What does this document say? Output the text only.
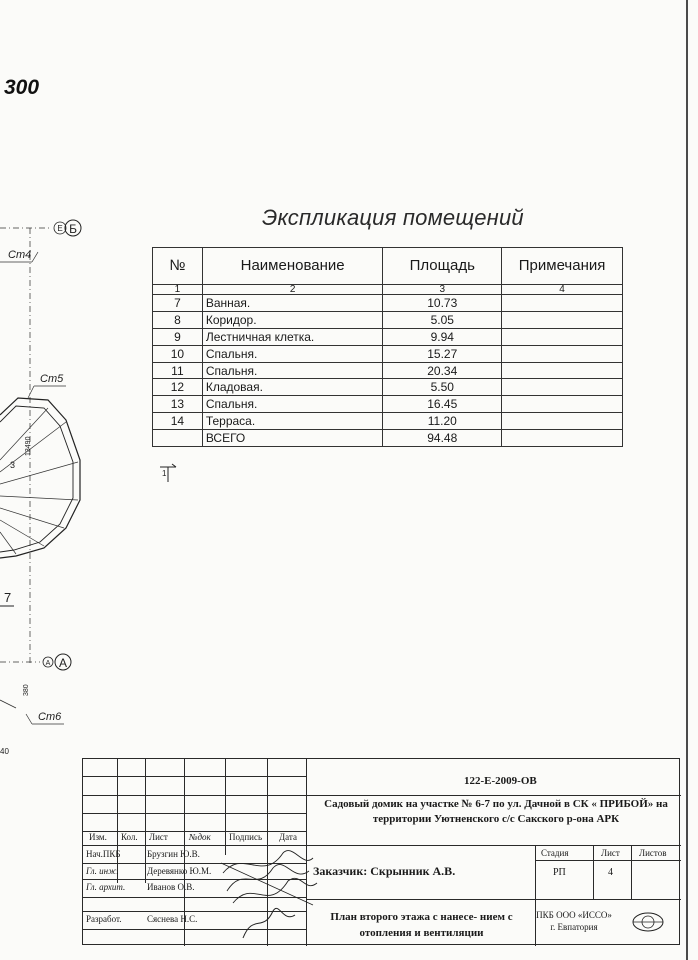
300
E Б
Ст4
Ст5
3
13490
7
A А
380
Ст6
40
Экспликация помещений
№	Наименование	Площадь	Примечания
1	2	3	4
7	Ванная.	10.73	
8	Коридор.	5.05	
9	Лестничная клетка.	9.94	
10	Спальня.	15.27	
11	Спальня.	20.34	
12	Кладовая.	5.50	
13	Спальня.	16.45	
14	Терраса.	11.20	
	ВСЕГО	94.48	
1
122-Е-2009-ОВ
Садовый домик на участке № 6-7 по ул. Дачной в СК « ПРИБОЙ» на территории Уютненского с/с Сакского р-она АРК
Изм. Кол. Лист №док Подпись Дата
Нач.ПКБ	Брузгин Ю.В.
Гл. инж.	Деревянко Ю.М.
Гл. архит. Иванов О.В.
Разработ.	Сяснева Н.С.
Заказчик: Скрынник А.В.
Стадия	Лист Листов
РП	4
План второго этажа с нанесе- нием с отопления и вентиляции
ПКБ ООО «ИССО»
г. Евпатория
